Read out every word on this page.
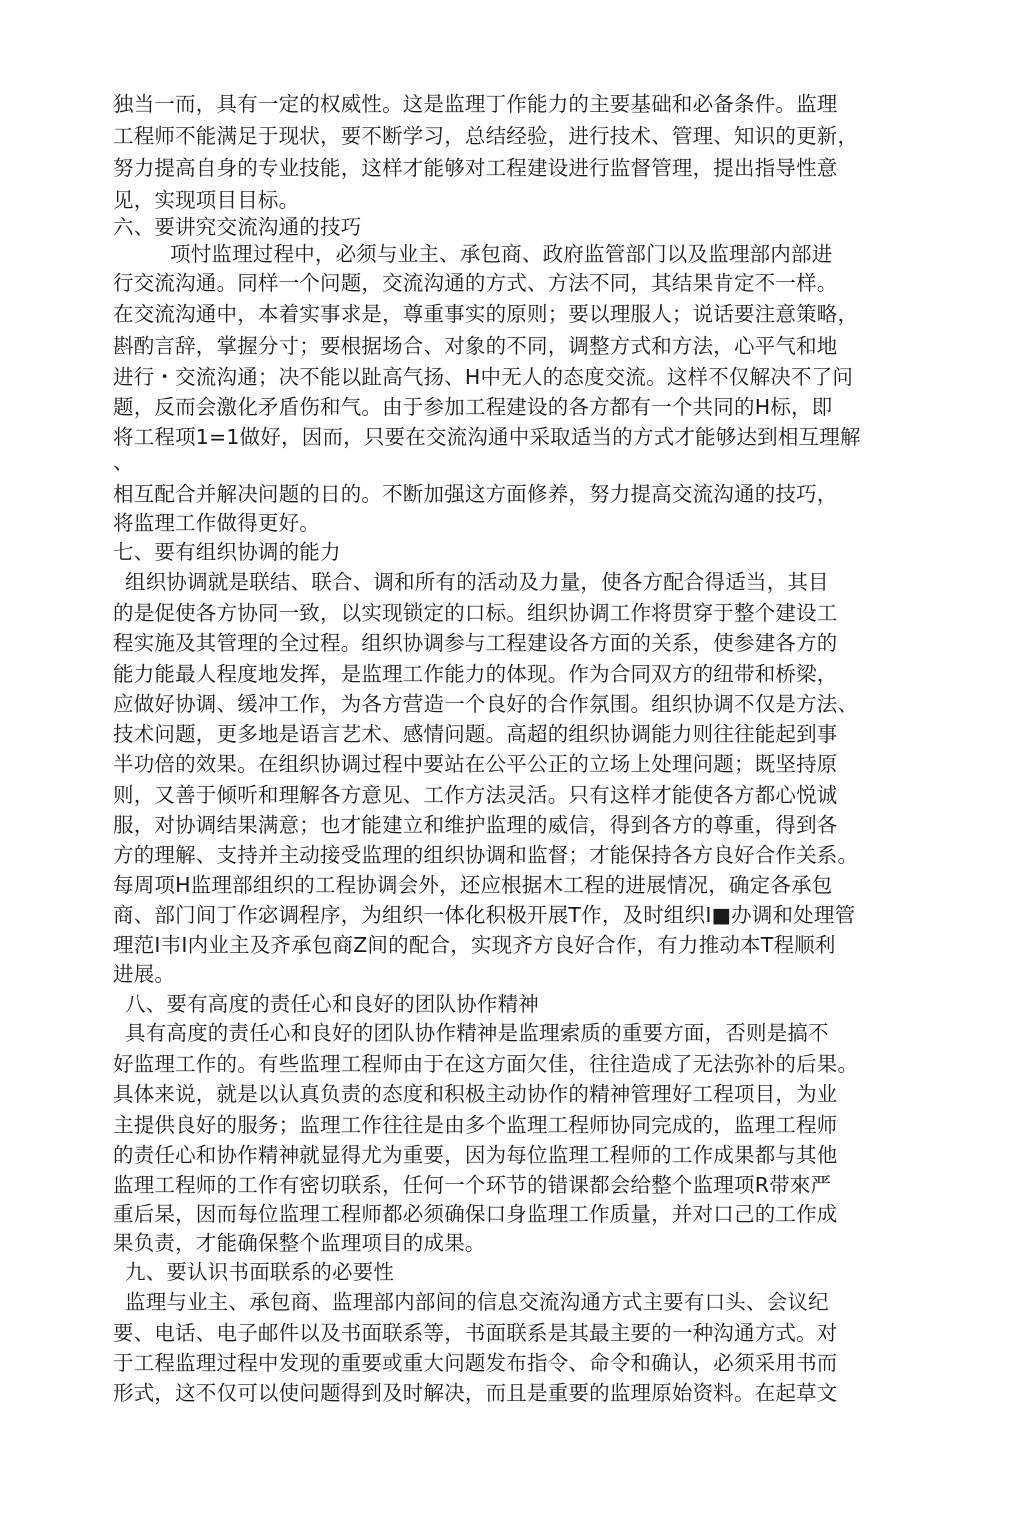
独当一而，具有一定的权威性。这是监理丁作能力的主要基础和必备条件。监理
工程师不能满足于现状，要不断学习，总结经验，进行技术、管理、知识的更新，
努力提高自身的专业技能，这样才能够对工程建设进行监督管理，提出指导性意
见，实现项目目标。
六、要讲究交流沟通的技巧
项忖监理过程中，必须与业主、承包商、政府监管部门以及监理部内部进
行交流沟通。同样一个问题，交流沟通的方式、方法不同，其结果肯定不一样。
在交流沟通中，本着实事求是，尊重事实的原则；要以理服人；说话要注意策略，
斟酌言辞，掌握分寸；要根据场合、对象的不同，调整方式和方法，心平气和地
进行・交流沟通；决不能以趾高气扬、H中无人的态度交流。这样不仅解决不了问
题，反而会激化矛盾伤和气。由于参加工程建设的各方都有一个共同的H标，即
将工程项1=1做好，因而，只要在交流沟通中采取适当的方式才能够达到相互理解
、
相互配合并解决问题的日的。不断加强这方面修养，努力提高交流沟通的技巧，
将监理工作做得更好。
七、要有组织协调的能力
组织协调就是联结、联合、调和所有的活动及力量，使各方配合得适当，其目
的是促使各方协同一致，以实现锁定的口标。组织协调工作将贯穿于整个建设工
程实施及其管理的全过程。组织协调参与工程建设各方面的关系，使参建各方的
能力能最人程度地发挥，是监理工作能力的体现。作为合同双方的纽带和桥梁，
应做好协调、缓冲工作，为各方营造一个良好的合作氛围。组织协调不仅是方法、
技术问题，更多地是语言艺术、感情问题。高超的组织协调能力则往往能起到事
半功倍的效果。在组织协调过程中要站在公平公正的立场上处理问题；既坚持原
则，又善于倾听和理解各方意见、工作方法灵活。只有这样才能使各方都心悦诚
服，对协调结果满意；也才能建立和维护监理的威信，得到各方的尊重，得到各
方的理解、支持并主动接受监理的组织协调和监督；才能保持各方良好合作关系。
每周项H监理部组织的工程协调会外，还应根据木工程的进展情况，确定各承包
商、部门间丁作宓调程序，为组织一体化积极开展T作，及时组织I■办调和处理管
理范I韦I内业主及齐承包商Z间的配合，实现齐方良好合作，有力推动本T程顺利
进展。
八、要有高度的责任心和良好的团队协作精神
具有高度的责任心和良好的团队协作精神是监理索质的重要方面，否则是搞不
好监理工作的。有些监理工程师由于在这方面欠佳，往往造成了无法弥补的后果。
具体来说，就是以认真负责的态度和积极主动协作的精神管理好工程项目，为业
主提供良好的服务；监理工作往往是由多个监理工程师协同完成的，监理工程师
的责任心和协作精神就显得尤为重要，因为每位监理工程师的工作成果都与其他
监理工程师的工作有密切联系，任何一个环节的错课都会给整个监理项R带來严
重后杲，因而每位监理工程师都必须确保口身监理工作质量，并对口己的工作成
果负责，才能确保整个监理项目的成果。
九、要认识书面联系的必要性
监理与业主、承包商、监理部内部间的信息交流沟通方式主要有口头、会议纪
要、电话、电子邮件以及书面联系等，书面联系是其最主要的一种沟通方式。对
于工程监理过程中发现的重要或重大问题发布指令、命令和确认，必须采用书而
形式，这不仅可以使问题得到及时解决，而且是重要的监理原始资料。在起草文
